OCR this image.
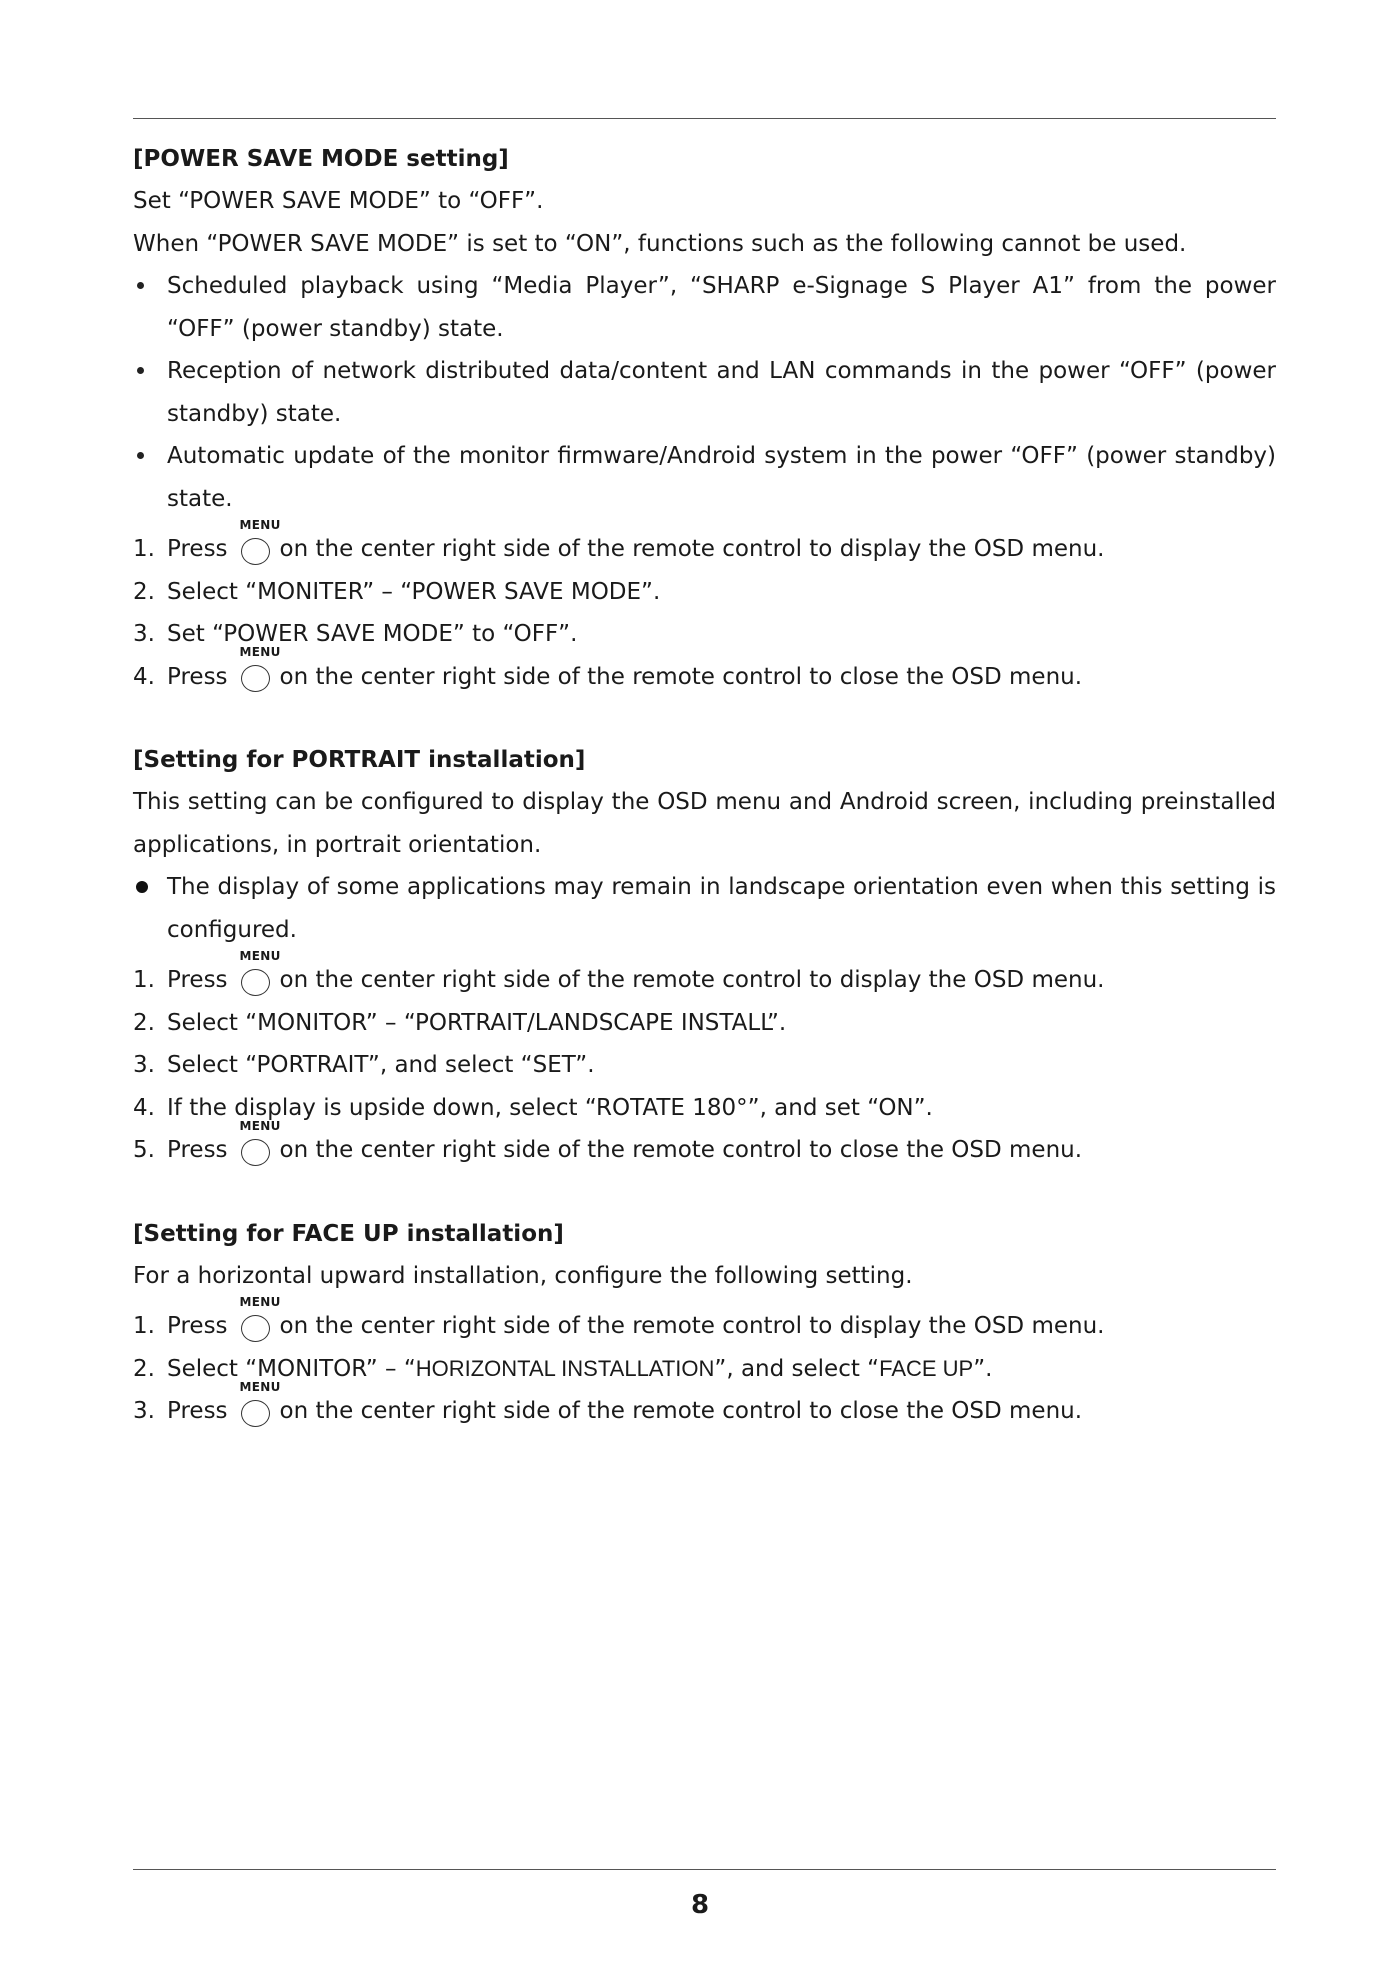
[POWER SAVE MODE setting]
Set “POWER SAVE MODE” to “OFF”.
When “POWER SAVE MODE” is set to “ON”, functions such as the following cannot be used.
Scheduled playback using “Media Player”, “SHARP e-Signage S Player A1” from the power “OFF” (power standby) state.
Reception of network distributed data/content and LAN commands in the power “OFF” (power standby) state.
Automatic update of the monitor firmware/Android system in the power “OFF” (power standby) state.
1. Press
MENU
on the center right side of the remote control to display the OSD menu.
2. Select “MONITER” – “POWER SAVE MODE”.
3. Set “POWER SAVE MODE” to “OFF”.
4. Press
MENU
on the center right side of the remote control to close the OSD menu.
[Setting for PORTRAIT installation]
This setting can be configured to display the OSD menu and Android screen, including preinstalled applications, in portrait orientation.
The display of some applications may remain in landscape orientation even when this setting is configured.
1. Press
MENU
on the center right side of the remote control to display the OSD menu.
2. Select “MONITOR” – “PORTRAIT/LANDSCAPE INSTALL”.
3. Select “PORTRAIT”, and select “SET”.
4. If the display is upside down, select “ROTATE 180°”, and set “ON”.
5. Press
MENU
on the center right side of the remote control to close the OSD menu.
[Setting for FACE UP installation]
For a horizontal upward installation, configure the following setting.
1. Press
MENU
on the center right side of the remote control to display the OSD menu.
2. Select “MONITOR” – “HORIZONTAL INSTALLATION”, and select “FACE UP”.
3. Press
MENU
on the center right side of the remote control to close the OSD menu.
8
